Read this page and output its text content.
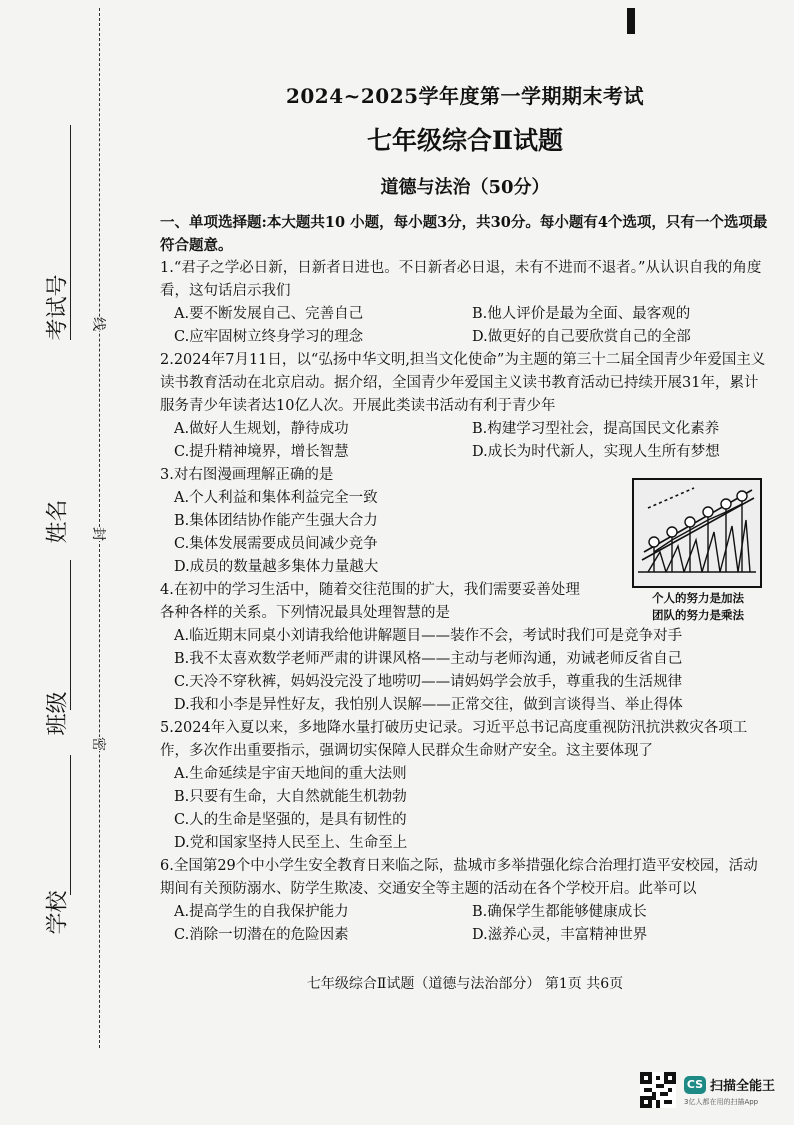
线
封
密
考试号
姓名
班级
学校
2024~2025学年度第一学期期末考试
七年级综合Ⅱ试题
道德与法治（50分）
一、单项选择题:本大题共10 小题，每小题3分，共30分。每小题有4个选项，只有一个选项最符合题意。
1.“君子之学必日新，日新者日进也。不日新者必日退，未有不进而不退者。”从认识自我的角度看，这句话启示我们
A.要不断发展自己、完善自己	B.他人评价是最为全面、最客观的
C.应牢固树立终身学习的理念	D.做更好的自己要欣赏自己的全部
2.2024年7月11日，以“弘扬中华文明,担当文化使命”为主题的第三十二届全国青少年爱国主义读书教育活动在北京启动。据介绍，全国青少年爱国主义读书教育活动已持续开展31年，累计服务青少年读者达10亿人次。开展此类读书活动有利于青少年
A.做好人生规划，静待成功	B.构建学习型社会，提高国民文化素养
C.提升精神境界，增长智慧	D.成长为时代新人，实现人生所有梦想
3.对右图漫画理解正确的是
A.个人利益和集体利益完全一致
B.集体团结协作能产生强大合力
C.集体发展需要成员间减少竞争
D.成员的数量越多集体力量越大
4.在初中的学习生活中，随着交往范围的扩大，我们需要妥善处理各种各样的关系。下列情况最具处理智慧的是
A.临近期末同桌小刘请我给他讲解题目——装作不会，考试时我们可是竞争对手
B.我不太喜欢数学老师严肃的讲课风格——主动与老师沟通，劝诫老师反省自己
C.天冷不穿秋裤，妈妈没完没了地唠叨——请妈妈学会放手，尊重我的生活规律
D.我和小李是异性好友，我怕别人误解——正常交往，做到言谈得当、举止得体
5.2024年入夏以来，多地降水量打破历史记录。习近平总书记高度重视防汛抗洪救灾各项工作，多次作出重要指示，强调切实保障人民群众生命财产安全。这主要体现了
A.生命延续是宇宙天地间的重大法则
B.只要有生命，大自然就能生机勃勃
C.人的生命是坚强的，是具有韧性的
D.党和国家坚持人民至上、生命至上
6.全国第29个中小学生安全教育日来临之际，盐城市多举措强化综合治理打造平安校园，活动期间有关预防溺水、防学生欺凌、交通安全等主题的活动在各个学校开启。此举可以
A.提高学生的自我保护能力	B.确保学生都能够健康成长
C.消除一切潜在的危险因素	D.滋养心灵，丰富精神世界
个人的努力是加法
团队的努力是乘法
七年级综合Ⅱ试题（道德与法治部分） 第1页 共6页
CS 扫描全能王
3亿人都在用的扫描App
